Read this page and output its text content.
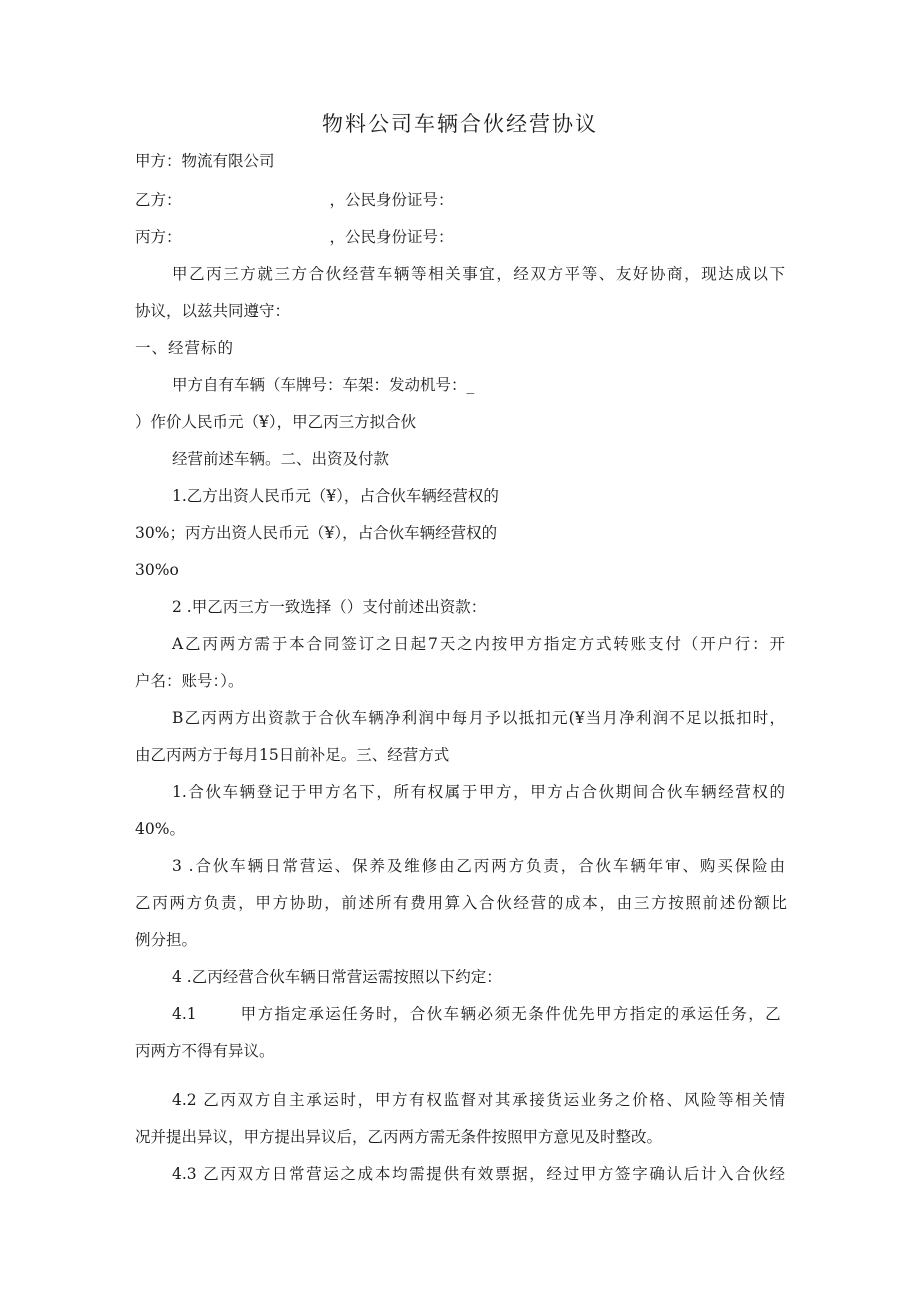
物料公司车辆合伙经营协议
甲方：物流有限公司
乙方：	，公民身份证号：
丙方：	，公民身份证号：
甲乙丙三方就三方合伙经营车辆等相关事宜，经双方平等、友好协商，现达成以下
协议，以兹共同遵守：
一、经营标的
甲方自有车辆（车牌号：车架：发动机号：_
）作价人民币元（¥），甲乙丙三方拟合伙
经营前述车辆。二、出资及付款
1.乙方出资人民币元（¥），占合伙车辆经营权的
30%；丙方出资人民币元（¥），占合伙车辆经营权的
30%o
2 .甲乙丙三方一致选择（）支付前述出资款：
A乙丙两方需于本合同签订之日起7天之内按甲方指定方式转账支付（开户行：开
户名：账号：）。
B乙丙两方出资款于合伙车辆净利润中每月予以抵扣元(¥当月净利润不足以抵扣时，
由乙丙两方于每月15日前补足。三、经营方式
1.合伙车辆登记于甲方名下，所有权属于甲方，甲方占合伙期间合伙车辆经营权的
40%。
3 .合伙车辆日常营运、保养及维修由乙丙两方负责，合伙车辆年审、购买保险由
乙丙两方负责，甲方协助，前述所有费用算入合伙经营的成本，由三方按照前述份额比
例分担。
4 .乙丙经营合伙车辆日常营运需按照以下约定：
4.1	甲方指定承运任务时，合伙车辆必须无条件优先甲方指定的承运任务，乙
丙两方不得有异议。
4.2 乙丙双方自主承运时，甲方有权监督对其承接货运业务之价格、风险等相关情
况并提出异议，甲方提出异议后，乙丙两方需无条件按照甲方意见及时整改。
4.3 乙丙双方日常营运之成本均需提供有效票据，经过甲方签字确认后计入合伙经
